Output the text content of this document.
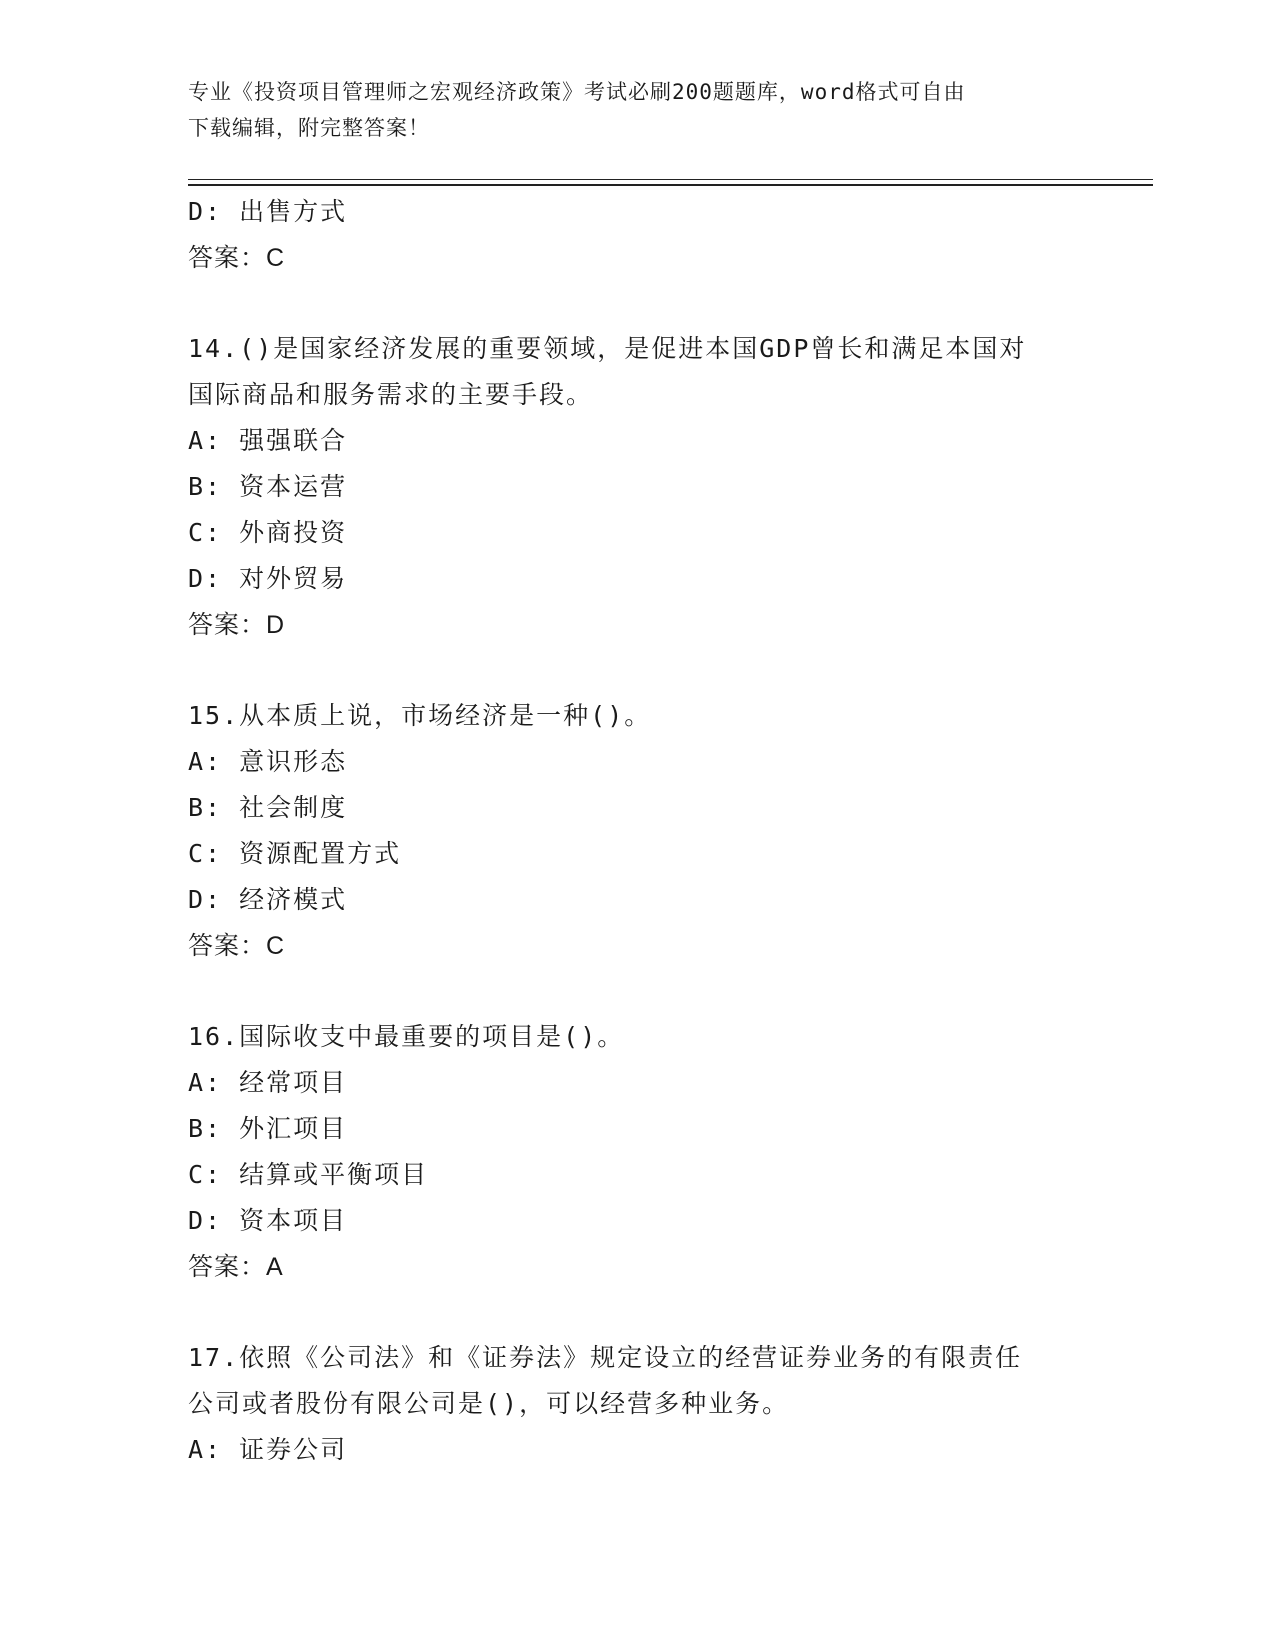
专业《投资项目管理师之宏观经济政策》考试必刷200题题库，word格式可自由
下载编辑，附完整答案！
D: 出售方式
答案：C
14.()是国家经济发展的重要领域，是促进本国GDP曾长和满足本国对
国际商品和服务需求的主要手段。
A: 强强联合
B: 资本运营
C: 外商投资
D: 对外贸易
答案：D
15.从本质上说，市场经济是一种()。
A: 意识形态
B: 社会制度
C: 资源配置方式
D: 经济模式
答案：C
16.国际收支中最重要的项目是()。
A: 经常项目
B: 外汇项目
C: 结算或平衡项目
D: 资本项目
答案：A
17.依照《公司法》和《证券法》规定设立的经营证券业务的有限责任
公司或者股份有限公司是()，可以经营多种业务。
A: 证券公司
